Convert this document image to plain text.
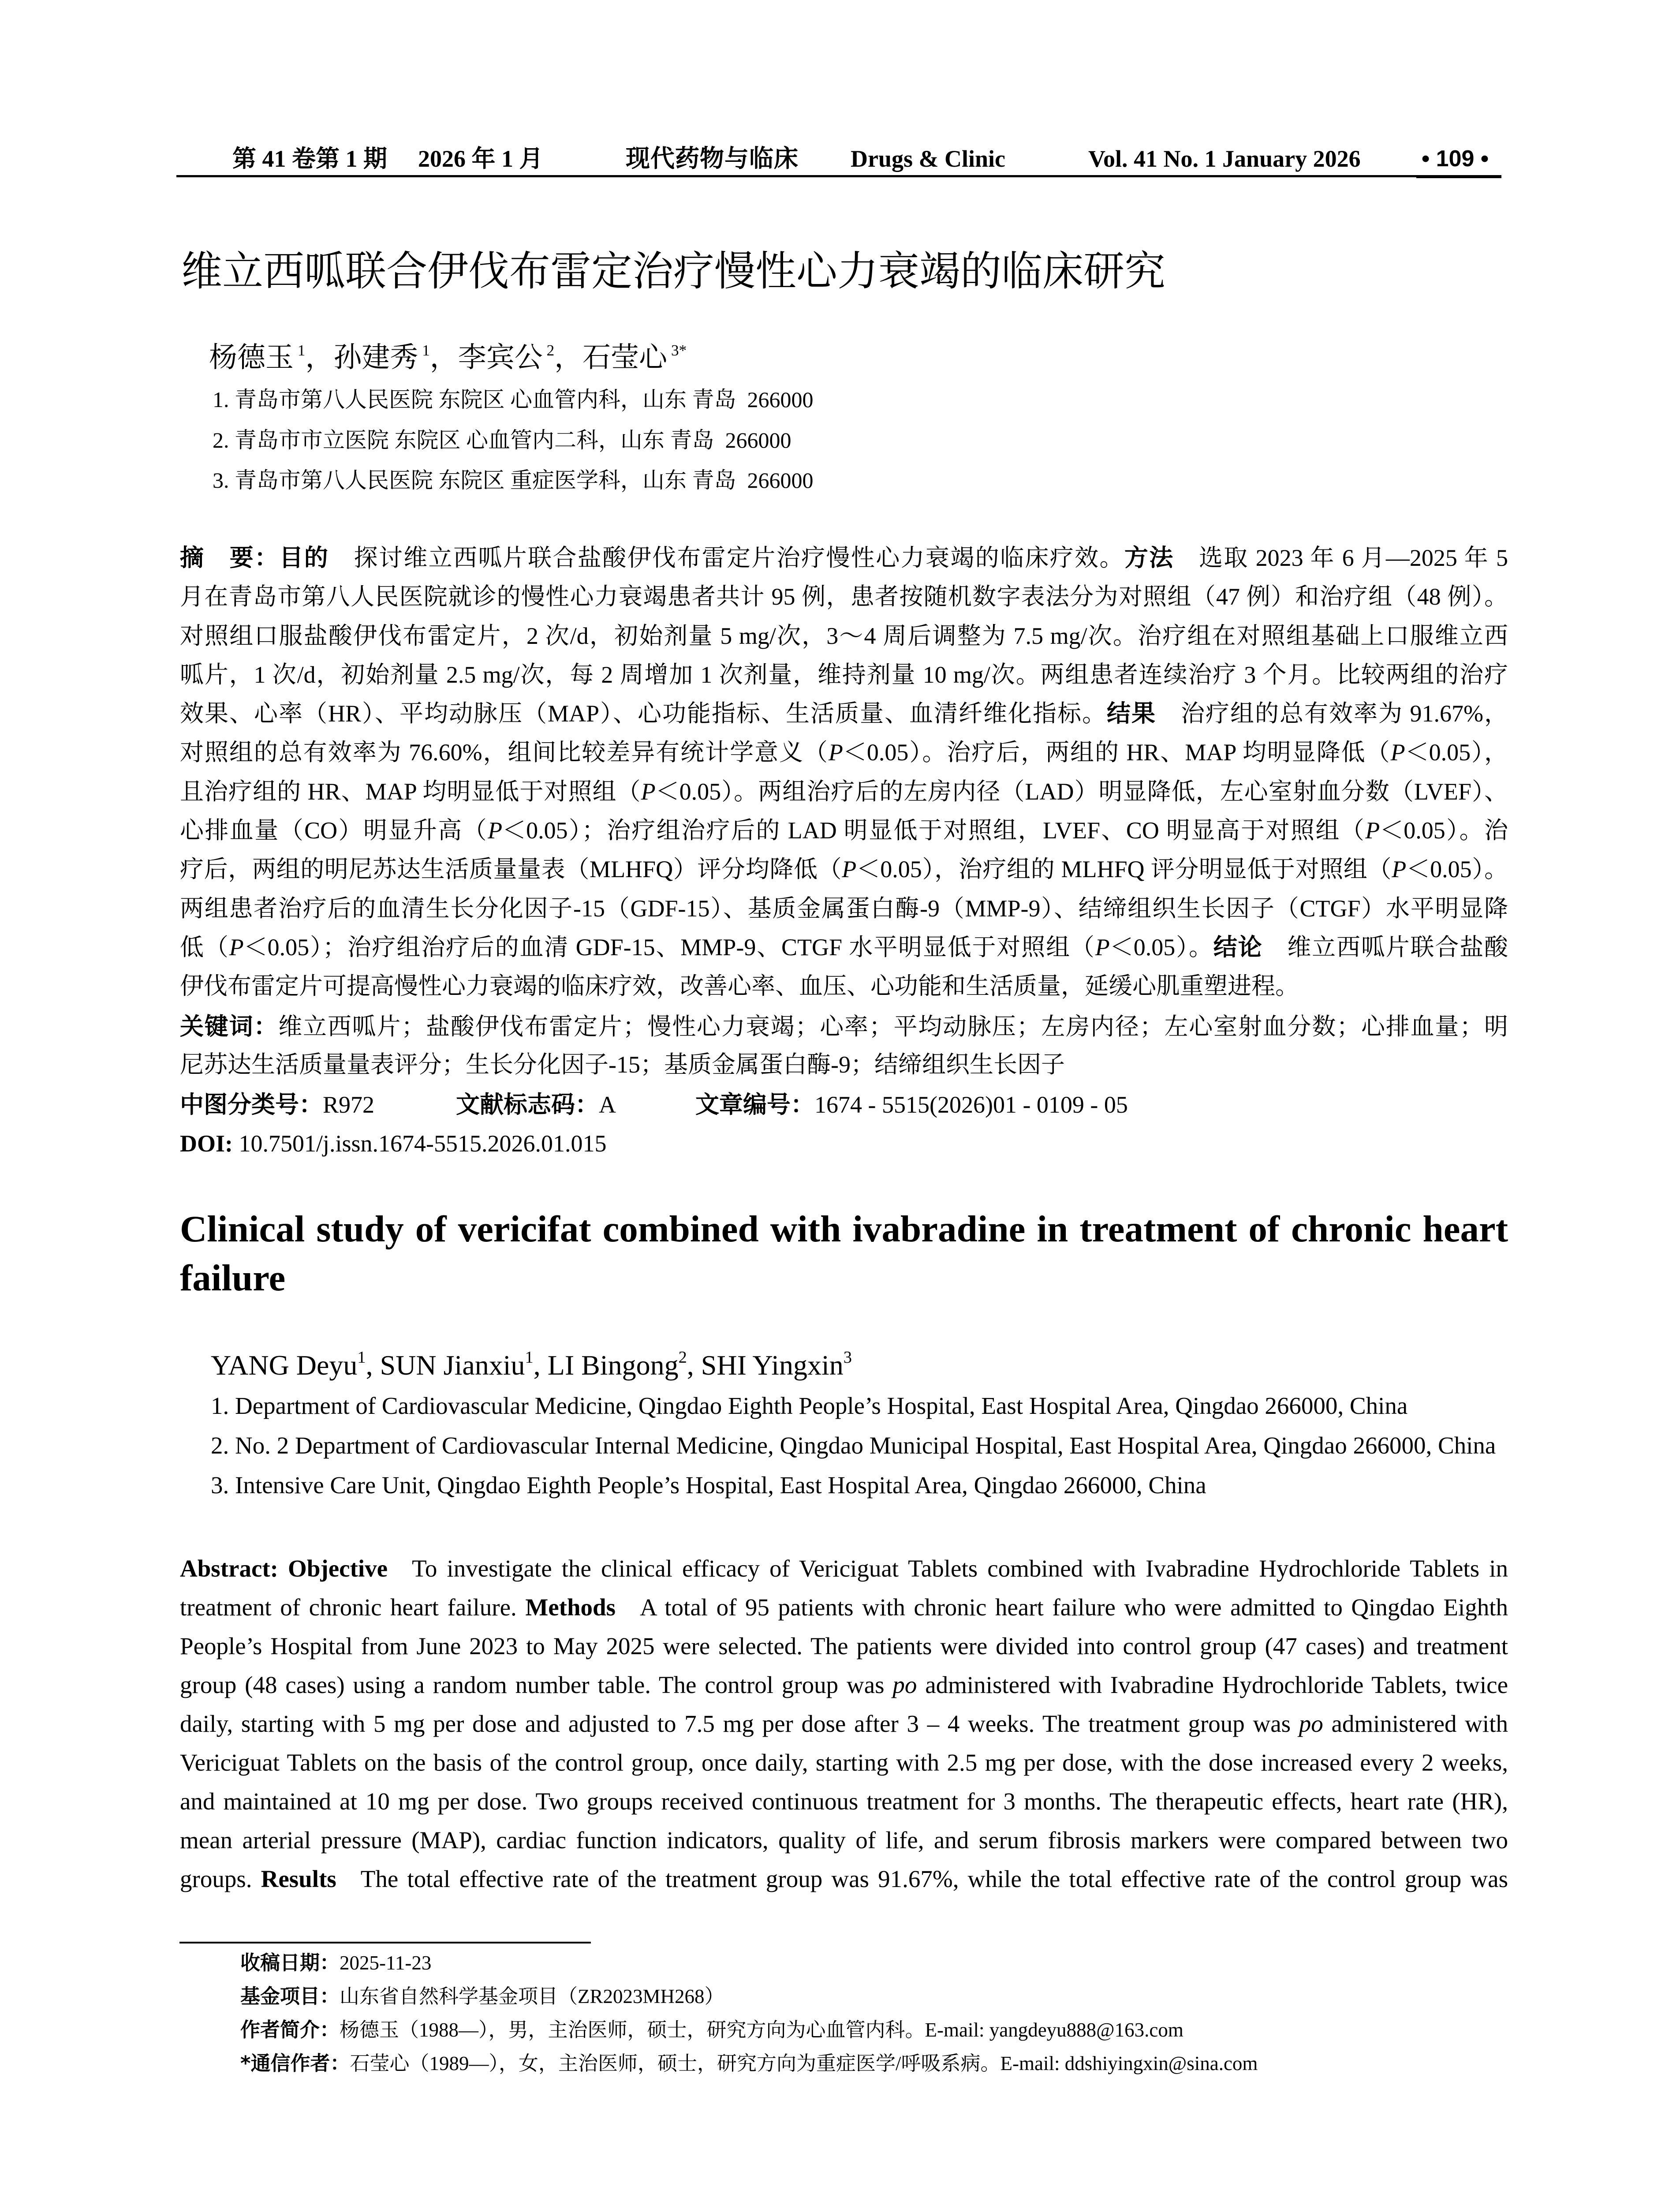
第 41 卷第 1 期 2026 年 1 月	现代药物与临床 Drugs & Clinic	Vol. 41 No. 1 January 2026	• 109 •
维立西呱联合伊伐布雷定治疗慢性心力衰竭的临床研究
杨德玉 $^1$，孙建秀 $^1$，李宾公 $^2$，石莹心 $^{3*}$
1. 青岛市第八人民医院 东院区 心血管内科，山东 青岛  266000
2. 青岛市市立医院 东院区 心血管内二科，山东 青岛  266000
3. 青岛市第八人民医院 东院区 重症医学科，山东 青岛  266000
摘　要：目的　探讨维立西呱片联合盐酸伊伐布雷定片治疗慢性心力衰竭的临床疗效。方法　选取 2023 年 6 月—2025 年 5
月在青岛市第八人民医院就诊的慢性心力衰竭患者共计 95 例，患者按随机数字表法分为对照组（47 例）和治疗组（48 例）。
对照组口服盐酸伊伐布雷定片，2 次/d，初始剂量 5 mg/次，3～4 周后调整为 7.5 mg/次。治疗组在对照组基础上口服维立西
呱片，1 次/d，初始剂量 2.5 mg/次，每 2 周增加 1 次剂量，维持剂量 10 mg/次。两组患者连续治疗 3 个月。比较两组的治疗
效果、心率（HR）、平均动脉压（MAP）、心功能指标、生活质量、血清纤维化指标。结果　治疗组的总有效率为 91.67%，
对照组的总有效率为 76.60%，组间比较差异有统计学意义（P＜0.05）。治疗后，两组的 HR、MAP 均明显降低（P＜0.05），
且治疗组的 HR、MAP 均明显低于对照组（P＜0.05）。两组治疗后的左房内径（LAD）明显降低，左心室射血分数（LVEF）、
心排血量（CO）明显升高（P＜0.05）；治疗组治疗后的 LAD 明显低于对照组，LVEF、CO 明显高于对照组（P＜0.05）。治
疗后，两组的明尼苏达生活质量量表（MLHFQ）评分均降低（P＜0.05），治疗组的 MLHFQ 评分明显低于对照组（P＜0.05）。
两组患者治疗后的血清生长分化因子-15（GDF-15）、基质金属蛋白酶-9（MMP-9）、结缔组织生长因子（CTGF）水平明显降
低（P＜0.05）；治疗组治疗后的血清 GDF-15、MMP-9、CTGF 水平明显低于对照组（P＜0.05）。结论　维立西呱片联合盐酸
伊伐布雷定片可提高慢性心力衰竭的临床疗效，改善心率、血压、心功能和生活质量，延缓心肌重塑进程。
关键词：维立西呱片；盐酸伊伐布雷定片；慢性心力衰竭；心率；平均动脉压；左房内径；左心室射血分数；心排血量；明
尼苏达生活质量量表评分；生长分化因子-15；基质金属蛋白酶-9；结缔组织生长因子
中图分类号：R972	文献标志码：A	文章编号：1674 - 5515(2026)01 - 0109 - 05
DOI: 10.7501/j.issn.1674-5515.2026.01.015
Clinical study of vericifat combined with ivabradine in treatment of chronic heart failure
YANG Deyu$^1$, SUN Jianxiu$^1$, LI Bingong$^2$, SHI Yingxin$^3$
1. Department of Cardiovascular Medicine, Qingdao Eighth People’s Hospital, East Hospital Area, Qingdao 266000, China
2. No. 2 Department of Cardiovascular Internal Medicine, Qingdao Municipal Hospital, East Hospital Area, Qingdao 266000, China
3. Intensive Care Unit, Qingdao Eighth People’s Hospital, East Hospital Area, Qingdao 266000, China
Abstract: Objective To investigate the clinical efficacy of Vericiguat Tablets combined with Ivabradine Hydrochloride Tablets in
treatment of chronic heart failure. Methods A total of 95 patients with chronic heart failure who were admitted to Qingdao Eighth
People’s Hospital from June 2023 to May 2025 were selected. The patients were divided into control group (47 cases) and treatment
group (48 cases) using a random number table. The control group was po administered with Ivabradine Hydrochloride Tablets, twice
daily, starting with 5 mg per dose and adjusted to 7.5 mg per dose after 3 – 4 weeks. The treatment group was po administered with
Vericiguat Tablets on the basis of the control group, once daily, starting with 2.5 mg per dose, with the dose increased every 2 weeks,
and maintained at 10 mg per dose. Two groups received continuous treatment for 3 months. The therapeutic effects, heart rate (HR),
mean arterial pressure (MAP), cardiac function indicators, quality of life, and serum fibrosis markers were compared between two
groups. Results The total effective rate of the treatment group was 91.67%, while the total effective rate of the control group was
收稿日期：2025-11-23
基金项目：山东省自然科学基金项目（ZR2023MH268）
作者简介：杨德玉（1988—），男，主治医师，硕士，研究方向为心血管内科。E-mail: yangdeyu888@163.com
*通信作者：石莹心（1989—），女，主治医师，硕士，研究方向为重症医学/呼吸系病。E-mail: ddshiyingxin@sina.com
